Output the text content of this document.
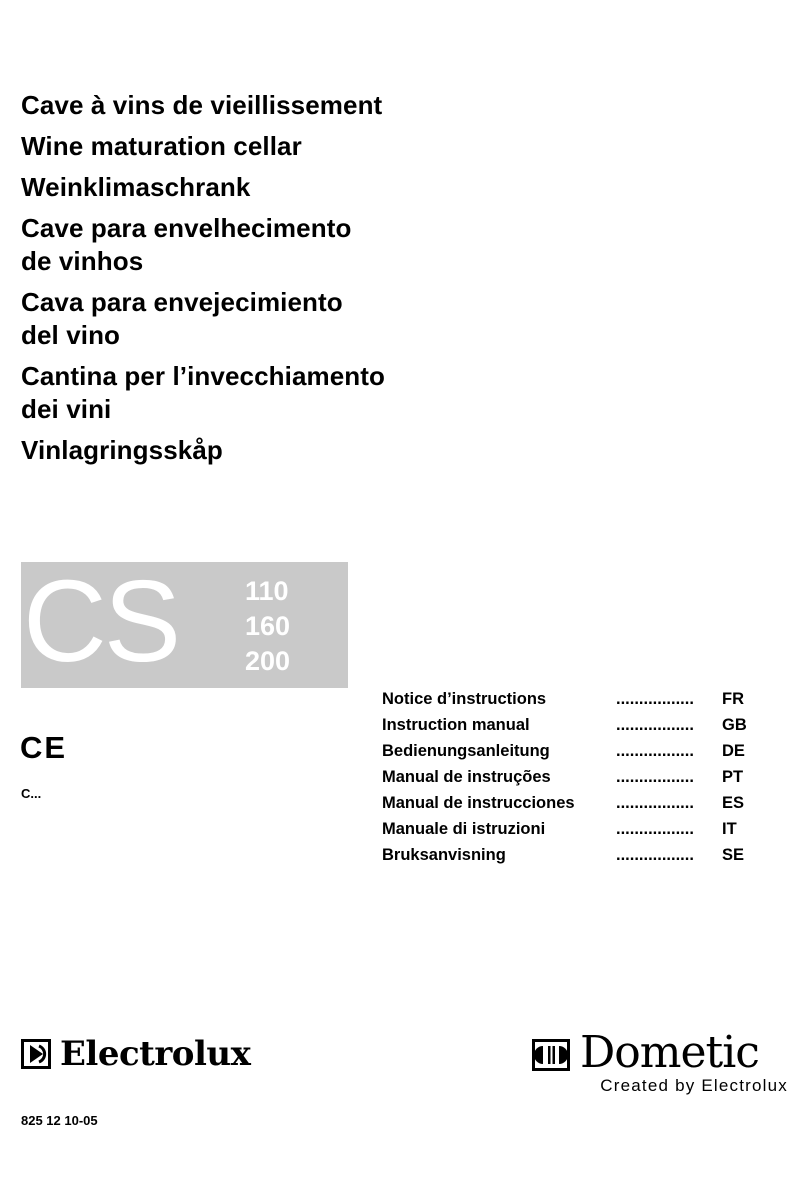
Cave à vins de vieillissement
Wine maturation cellar
Weinklimaschrank
Cave para envelhecimento
de vinhos
Cava para envejecimiento
del vino
Cantina per l’invecchiamento
dei vini
Vinlagringsskåp
CS 110
160
200
CE
C...
Notice d’instructions	................. FR
Instruction manual	................. GB
Bedienungsanleitung	................. DE
Manual de instruções	................. PT
Manual de instrucciones	................. ES
Manuale di istruzioni	................. IT
Bruksanvisning	................. SE
Electrolux	Dometic
Created by Electrolux
825 12 10-05
